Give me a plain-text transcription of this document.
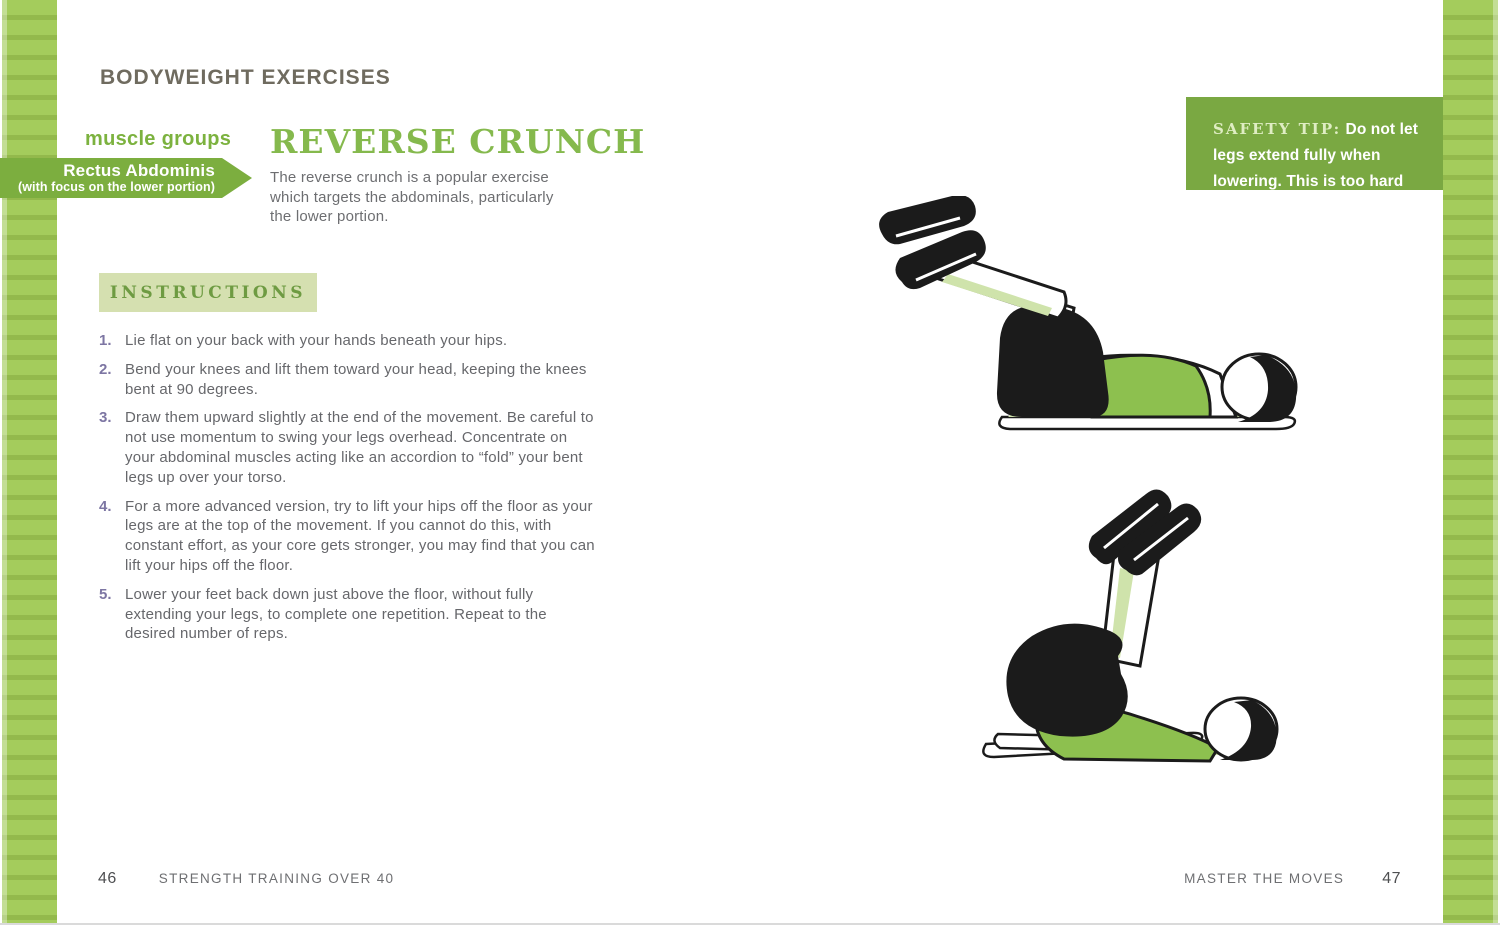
BODYWEIGHT EXERCISES
muscle groups
Rectus Abdominis
(with focus on the lower portion)
REVERSE CRUNCH

The reverse crunch is a popular exercise which targets the abdominals, particularly the lower portion.

INSTRUCTIONS
1. Lie flat on your back with your hands beneath your hips.
2. Bend your knees and lift them toward your head, keeping the knees bent at 90 degrees.
3. Draw them upward slightly at the end of the movement. Be careful to not use momentum to swing your legs overhead. Concentrate on your abdominal muscles acting like an accordion to “fold” your bent legs up over your torso.
4. For a more advanced version, try to lift your hips off the floor as your legs are at the top of the movement. If you cannot do this, with constant effort, as your core gets stronger, you may find that you can lift your hips off the floor.
5. Lower your feet back down just above the floor, without fully extending your legs, to complete one repetition. Repeat to the desired number of reps.
SAFETY TIP: Do not let legs extend fully when lowering. This is too hard on the low back.
46	STRENGTH TRAINING OVER 40	MASTER THE MOVES 47
